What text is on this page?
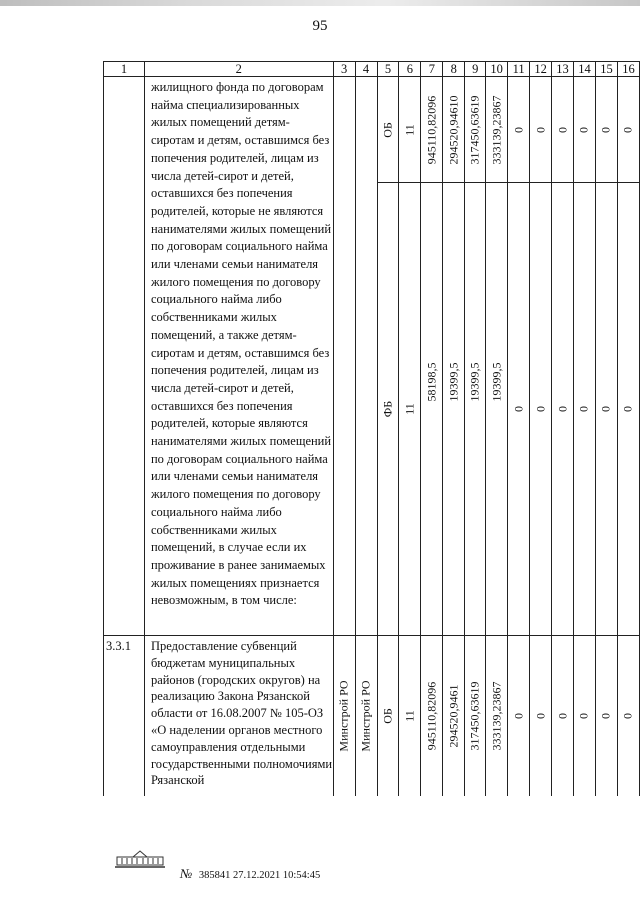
95
1	2	3	4	5	6	7	8	9	10	11	12	13	14	15	16
	жилищного фонда по договорам найма специализированных жилых помещений детям-сиротам и детям, оставшимся без попечения родителей, лицам из числа детей-сирот и детей, оставшихся без попечения родителей, которые не являются нанимателями жилых помещений по договорам социального найма или членами семьи нанимателя жилого помещения по договору социального найма либо собственниками жилых помещений, а также детям-сиротам и детям, оставшимся без попечения родителей, лицам из числа детей-сирот и детей, оставшихся без попечения родителей, которые являются нанимателями жилых помещений по договорам социального найма или членами семьи нанимателя жилого помещения по договору социального найма либо собственниками жилых помещений, в случае если их проживание в ранее занимаемых жилых помещениях признается невозможным, в том числе:			ОБ	11	945110,82096	294520,94610	317450,63619	333139,23867	0	0	0	0	0	0

				ФБ	11	58198,5	19399,5	19399,5	19399,5	0	0	0	0	0	0

3.3.1	Предоставление субвенций бюджетам муниципальных районов (городских округов) на реализацию Закона Рязанской области от 16.08.2007 № 105-ОЗ «О наделении органов местного самоуправления отдельными государственными полномочиями Рязанской	Минстрой РО	Минстрой РО	ОБ	11	945110,82096	294520,9461	317450,63619	333139,23867	0	0	0	0	0	0
№ 385841 27.12.2021 10:54:45
